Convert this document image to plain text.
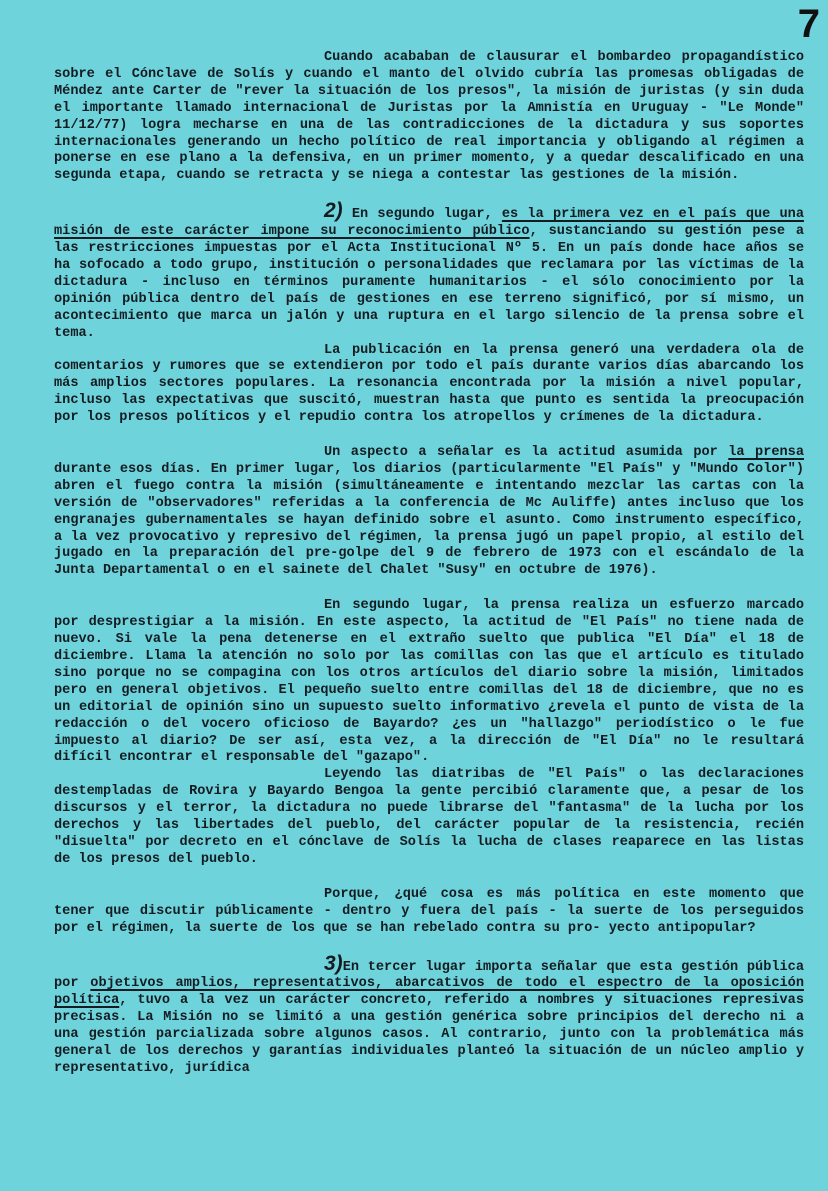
7

Cuando acababan de clausurar el bombardeo propagandístico sobre el Cónclave de Solís y cuando el manto del olvido cubría las promesas obligadas de Méndez ante Carter de "rever la situación de los presos", la misión de juristas (y sin duda el importante llamado internacional de Juristas por la Amnistía en Uruguay - "Le Monde" 11/12/77) logra mecharse en una de las contradicciones de la dictadura y sus soportes internacionales generando un hecho político de real importancia y obligando al régimen a ponerse en ese plano a la defensiva, en un primer momento, y a quedar descalificado en una segunda etapa, cuando se retracta y se niega a contestar las gestiones de la misión.

2) En segundo lugar, es la primera vez en el país que una misión de este carácter impone su reconocimiento público, sustanciando su gestión pese a las restricciones impuestas por el Acta Institucional Nº 5. En un país donde hace años se ha sofocado a todo grupo, institución o personalidades que reclamara por las víctimas de la dictadura - incluso en términos puramente humanitarios - el sólo conocimiento por la opinión pública dentro del país de gestiones en ese terreno significó, por sí mismo, un acontecimiento que marca un jalón y una ruptura en el largo silencio de la prensa sobre el tema.

La publicación en la prensa generó una verdadera ola de comentarios y rumores que se extendieron por todo el país durante varios días abarcando los más amplios sectores populares. La resonancia encontrada por la misión a nivel popular, incluso las expectativas que suscitó, muestran hasta que punto es sentida la preocupación por los presos políticos y el repudio contra los atropellos y crímenes de la dictadura.

Un aspecto a señalar es la actitud asumida por la prensa durante esos días. En primer lugar, los diarios (particularmente "El País" y "Mundo Color") abren el fuego contra la misión (simultáneamente e intentando mezclar las cartas con la versión de "observadores" referidas a la conferencia de Mc Auliffe) antes incluso que los engranajes gubernamentales se hayan definido sobre el asunto. Como instrumento específico, a la vez provocativo y represivo del régimen, la prensa jugó un papel propio, al estilo del jugado en la preparación del pre-golpe del 9 de febrero de 1973 con el escándalo de la Junta Departamental o en el sainete del Chalet "Susy" en octubre de 1976).

En segundo lugar, la prensa realiza un esfuerzo marcado por desprestigiar a la misión. En este aspecto, la actitud de "El País" no tiene nada de nuevo. Si vale la pena detenerse en el extraño suelto que publica "El Día" el 18 de diciembre. Llama la atención no solo por las comillas con las que el artículo es titulado sino porque no se compagina con los otros artículos del diario sobre la misión, limitados pero en general objetivos. El pequeño suelto entre comillas del 18 de diciembre, que no es un editorial de opinión sino un supuesto suelto informativo ¿revela el punto de vista de la redacción o del vocero oficioso de Bayardo? ¿es un "hallazgo" periodístico o le fue impuesto al diario? De ser así, esta vez, a la dirección de "El Día" no le resultará difícil encontrar el responsable del "gazapo".

Leyendo las diatribas de "El País" o las declaraciones destempladas de Rovira y Bayardo Bengoa la gente percibió claramente que, a pesar de los discursos y el terror, la dictadura no puede librarse del "fantasma" de la lucha por los derechos y las libertades del pueblo, del carácter popular de la resistencia, recién "disuelta" por decreto en el cónclave de Solís la lucha de clases reaparece en las listas de los presos del pueblo.

Porque, ¿qué cosa es más política en este momento que tener que discutir públicamente - dentro y fuera del país - la suerte de los perseguidos por el régimen, la suerte de los que se han rebelado contra su pro- yecto antipopular?

3)En tercer lugar importa señalar que esta gestión pública por objetivos amplios, representativos, abarcativos de todo el espectro de la oposición política, tuvo a la vez un carácter concreto, referido a nombres y situaciones represivas precisas. La Misión no se limitó a una gestión genérica sobre principios del derecho ni a una gestión parcializada sobre algunos casos. Al contrario, junto con la problemática más general de los derechos y garantías individuales planteó la situación de un núcleo amplio y representativo, jurídica
